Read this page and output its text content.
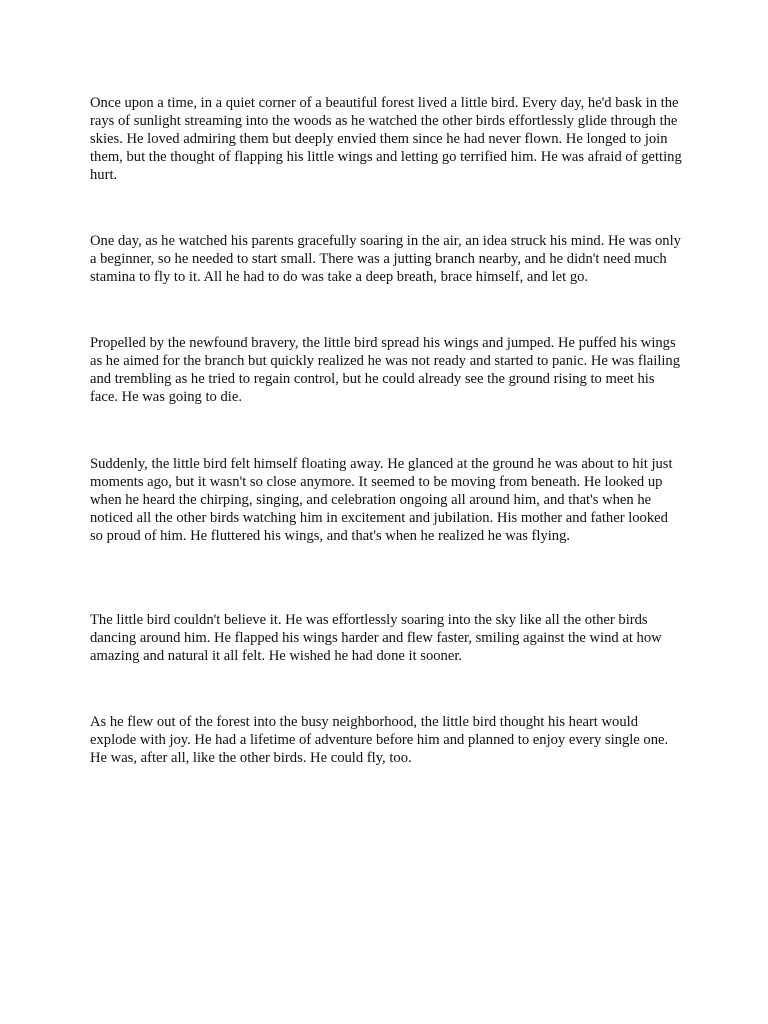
Once upon a time, in a quiet corner of a beautiful forest lived a little bird. Every day, he'd bask in the rays of sunlight streaming into the woods as he watched the other birds effortlessly glide through the skies. He loved admiring them but deeply envied them since he had never flown. He longed to join them, but the thought of flapping his little wings and letting go terrified him. He was afraid of getting hurt.

One day, as he watched his parents gracefully soaring in the air, an idea struck his mind. He was only a beginner, so he needed to start small. There was a jutting branch nearby, and he didn't need much stamina to fly to it. All he had to do was take a deep breath, brace himself, and let go.

Propelled by the newfound bravery, the little bird spread his wings and jumped. He puffed his wings as he aimed for the branch but quickly realized he was not ready and started to panic. He was flailing and trembling as he tried to regain control, but he could already see the ground rising to meet his face. He was going to die.

Suddenly, the little bird felt himself floating away. He glanced at the ground he was about to hit just moments ago, but it wasn't so close anymore. It seemed to be moving from beneath. He looked up when he heard the chirping, singing, and celebration ongoing all around him, and that's when he noticed all the other birds watching him in excitement and jubilation. His mother and father looked so proud of him. He fluttered his wings, and that's when he realized he was flying.

The little bird couldn't believe it. He was effortlessly soaring into the sky like all the other birds dancing around him. He flapped his wings harder and flew faster, smiling against the wind at how amazing and natural it all felt. He wished he had done it sooner.

As he flew out of the forest into the busy neighborhood, the little bird thought his heart would explode with joy. He had a lifetime of adventure before him and planned to enjoy every single one. He was, after all, like the other birds. He could fly, too.
